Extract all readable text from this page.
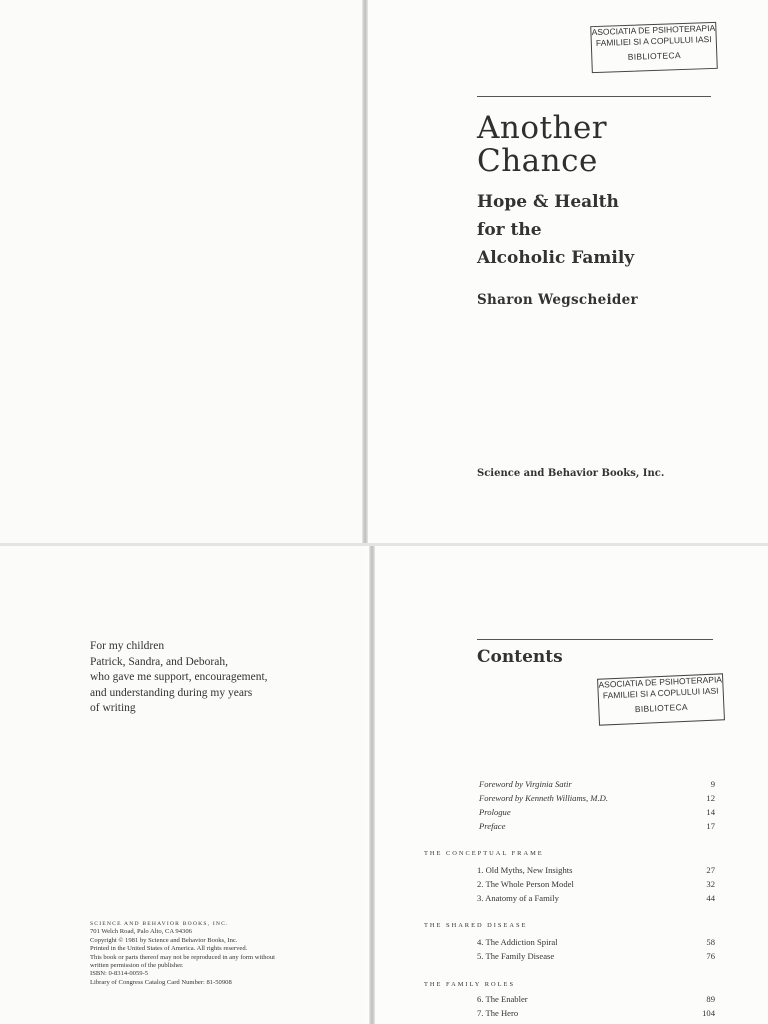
ASOCIATIA DE PSIHOTERAPIA
FAMILIEI SI A COPLULUI IASI
BIBLIOTECA
Another
Chance
Hope & Health
for the
Alcoholic Family
Sharon Wegscheider
Science and Behavior Books, Inc.
For my children
Patrick, Sandra, and Deborah,
who gave me support, encouragement,
and understanding during my years
of writing
SCIENCE AND BEHAVIOR BOOKS, INC.
701 Welch Road, Palo Alto, CA 94306
Copyright © 1981 by Science and Behavior Books, Inc.
Printed in the United States of America. All rights reserved.
This book or parts thereof may not be reproduced in any form without
written permission of the publisher.
ISBN: 0-8314-0059-5
Library of Congress Catalog Card Number: 81-50908
Contents
ASOCIATIA DE PSIHOTERAPIA
FAMILIEI SI A COPLULUI IASI
BIBLIOTECA
Foreword by Virginia Satir	9
Foreword by Kenneth Williams, M.D.	12
Prologue	14
Preface	17
THE CONCEPTUAL FRAME
1. Old Myths, New Insights	27
2. The Whole Person Model	32
3. Anatomy of a Family	44
THE SHARED DISEASE
4. The Addiction Spiral	58
5. The Family Disease	76
THE FAMILY ROLES
6. The Enabler	89
7. The Hero	104
